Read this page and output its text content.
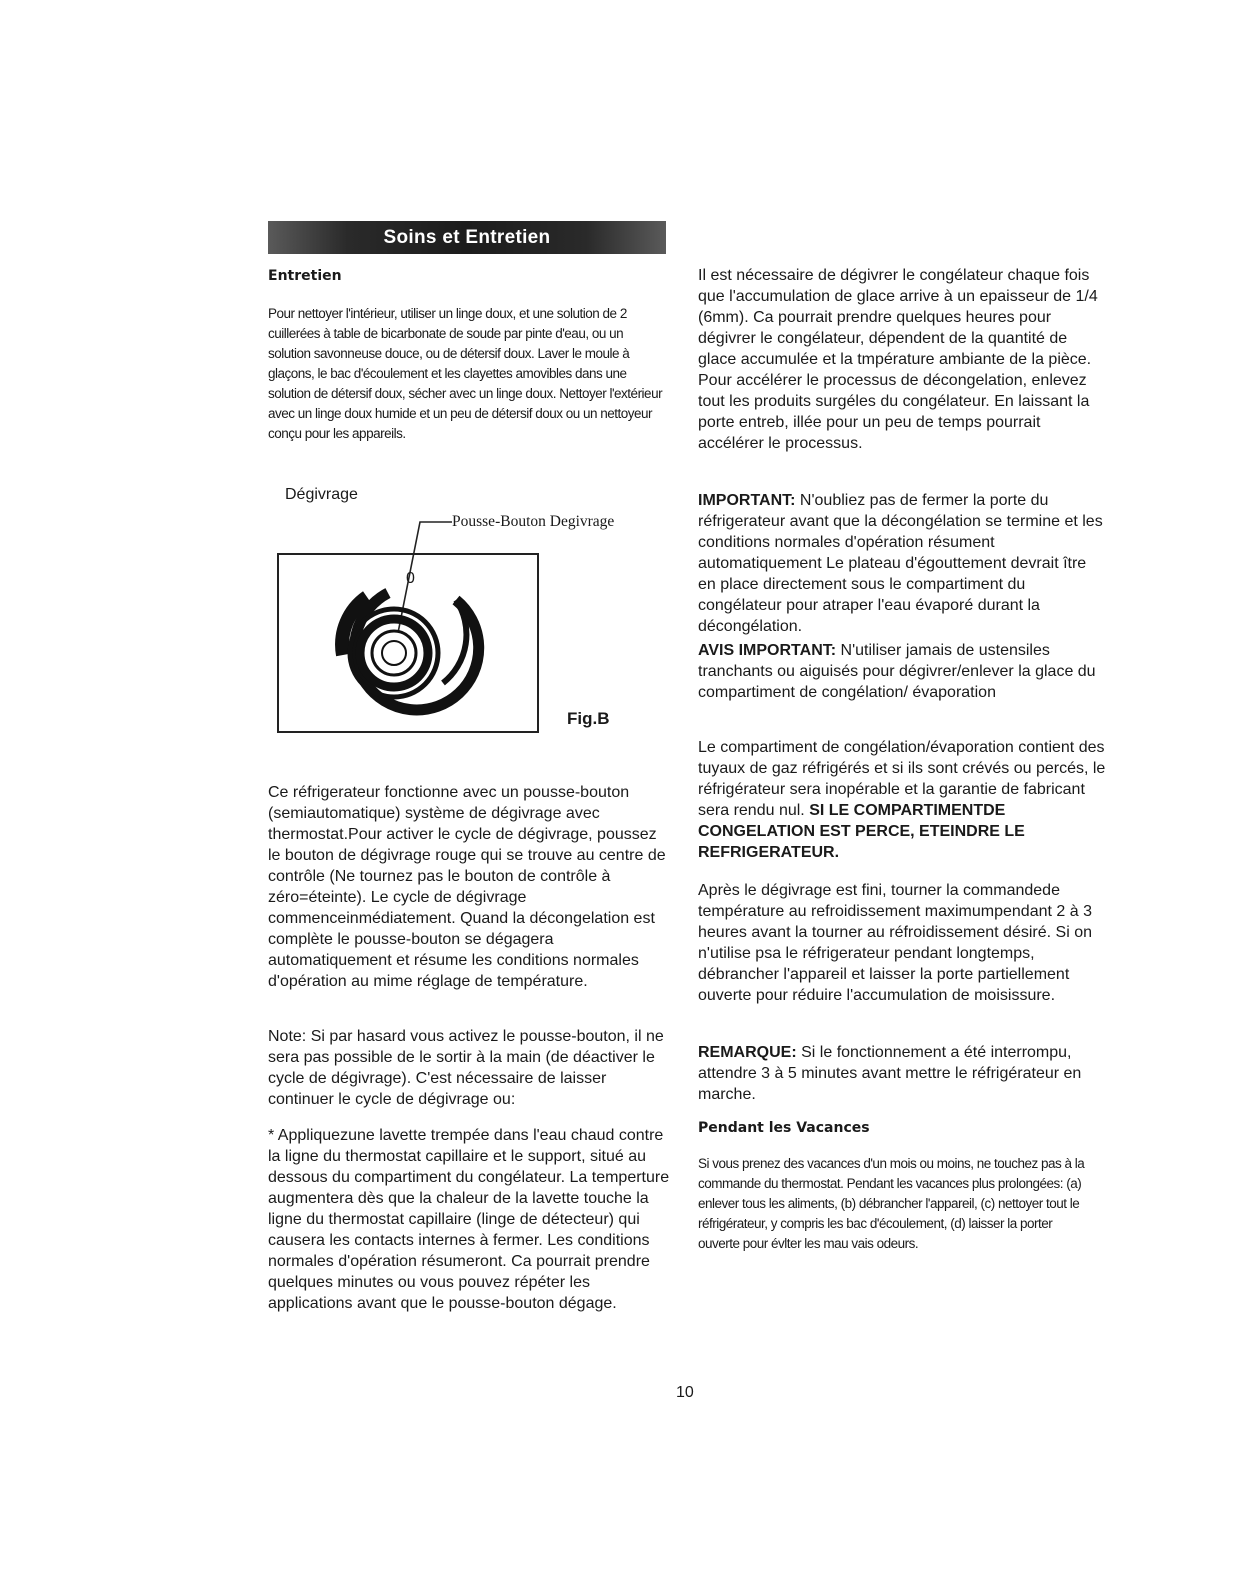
Soins et Entretien
Entretien

Pour nettoyer l'intérieur, utiliser un linge doux, et une solution de 2 cuillerées à table de bicarbonate de soude par pinte d'eau, ou un solution savonneuse douce, ou de détersif doux. Laver le moule à glaçons, le bac d'écoulement et les clayettes amovibles dans une solution de détersif doux, sécher avec un linge doux. Nettoyer l'extérieur avec un linge doux humide et un peu de détersif doux ou un nettoyeur conçu pour les appareils.

Dégivrage
Pousse-Bouton Degivrage
0
Fig.B

Ce réfrigerateur fonctionne avec un pousse-bouton (semiautomatique) système de dégivrage avec thermostat.Pour activer le cycle de dégivrage, poussez le bouton de dégivrage rouge qui se trouve au centre de contrôle (Ne tournez pas le bouton de contrôle à zéro=éteinte). Le cycle de dégivrage commenceinmédiatement. Quand la décongelation est complète le pousse-bouton se dégagera automatiquement et résume les conditions normales d'opération au mime réglage de température.

Note: Si par hasard vous activez le pousse-bouton, il ne sera pas possible de le sortir à la main (de déactiver le cycle de dégivrage). C'est nécessaire de laisser continuer le cycle de dégivrage ou:

* Appliquezune lavette trempée dans l'eau chaud contre la ligne du thermostat capillaire et le support, situé au dessous du compartiment du congélateur. La temperture augmentera dès que la chaleur de la lavette touche la ligne du thermostat capillaire (linge de détecteur) qui causera les contacts internes à fermer. Les conditions normales d'opération résumeront. Ca pourrait prendre quelques minutes ou vous pouvez répéter les applications avant que le pousse-bouton dégage.

Il est nécessaire de dégivrer le congélateur chaque fois que l'accumulation de glace arrive à un epaisseur de 1/4 (6mm). Ca pourrait prendre quelques heures pour dégivrer le congélateur, dépendent de la quantité de glace accumulée et la tmpérature ambiante de la pièce. Pour accélérer le processus de décongelation, enlevez tout les produits surgéles du congélateur. En laissant la porte entreb, illée pour un peu de temps pourrait accélérer le processus.

IMPORTANT: N'oubliez pas de fermer la porte du réfrigerateur avant que la décongélation se termine et les conditions normales d'opération résument automatiquement Le plateau d'égouttement devrait ître en place directement sous le compartiment du congélateur pour atraper l'eau évaporé durant la décongélation.

AVIS IMPORTANT: N'utiliser jamais de ustensiles tranchants ou aiguisés pour dégivrer/enlever la glace du compartiment de congélation/ évaporation

Le compartiment de congélation/évaporation contient des tuyaux de gaz réfrigérés et si ils sont crévés ou percés, le réfrigérateur sera inopérable et la garantie de fabricant sera rendu nul. SI LE COMPARTIMENTDE CONGELATION EST PERCE, ETEINDRE LE REFRIGERATEUR.

Après le dégivrage est fini, tourner la commandede température au refroidissement maximumpendant 2 à 3 heures avant la tourner au réfroidissement désiré. Si on n'utilise psa le réfrigerateur pendant longtemps, débrancher l'appareil et laisser la porte partiellement ouverte pour réduire l'accumulation de moisissure.

REMARQUE: Si le fonctionnement a été interrompu, attendre 3 à 5 minutes avant mettre le réfrigérateur en marche.

Pendant les Vacances

Si vous prenez des vacances d'un mois ou moins, ne touchez pas à la commande du thermostat. Pendant les vacances plus prolongées: (a) enlever tous les aliments, (b) débrancher l'appareil, (c) nettoyer tout le réfrigérateur, y compris les bac d'écoulement, (d) laisser la porter ouverte pour évlter les mau vais odeurs.

10
